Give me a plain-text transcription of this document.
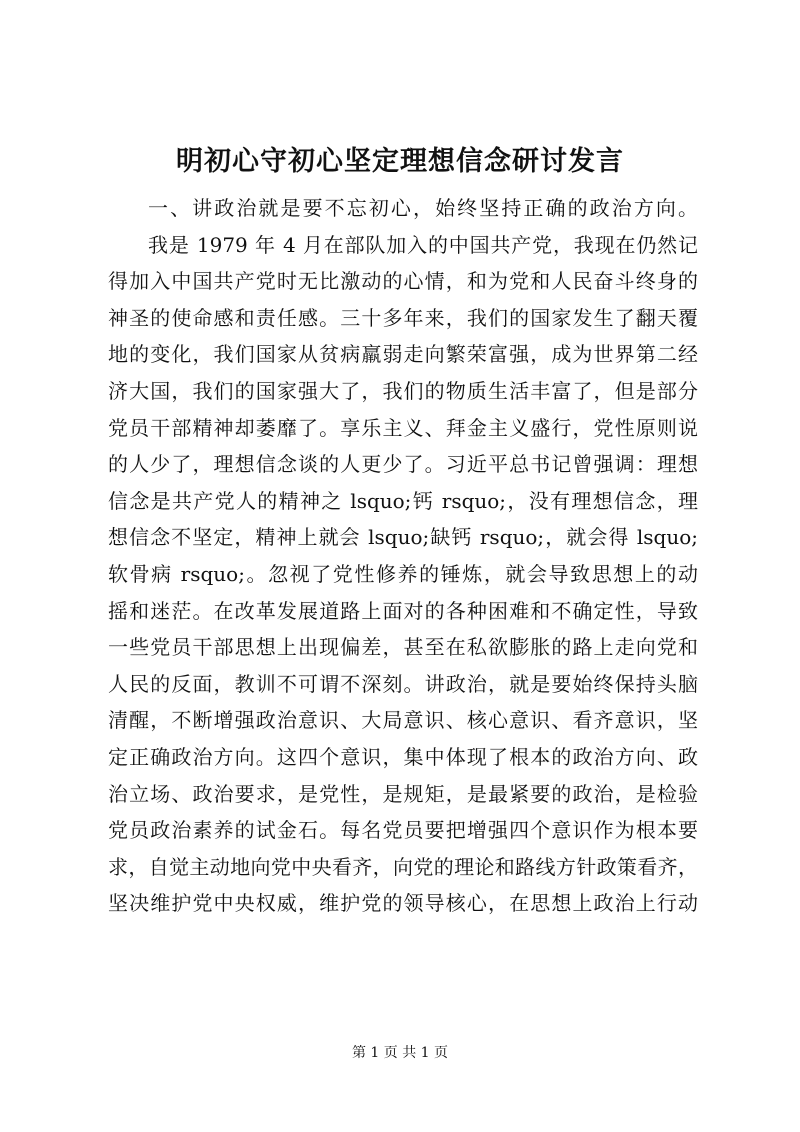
明初心守初心坚定理想信念研讨发言
一、讲政治就是要不忘初心，始终坚持正确的政治方向。
我是 1979 年 4 月在部队加入的中国共产党，我现在仍然记
得加入中国共产党时无比激动的心情，和为党和人民奋斗终身的
神圣的使命感和责任感。三十多年来，我们的国家发生了翻天覆
地的变化，我们国家从贫病羸弱走向繁荣富强，成为世界第二经
济大国，我们的国家强大了，我们的物质生活丰富了，但是部分
党员干部精神却萎靡了。享乐主义、拜金主义盛行，党性原则说
的人少了，理想信念谈的人更少了。习近平总书记曾强调：理想
信念是共产党人的精神之 lsquo;钙 rsquo;，没有理想信念，理
想信念不坚定，精神上就会 lsquo;缺钙 rsquo;，就会得 lsquo;
软骨病 rsquo;。忽视了党性修养的锤炼，就会导致思想上的动
摇和迷茫。在改革发展道路上面对的各种困难和不确定性，导致
一些党员干部思想上出现偏差，甚至在私欲膨胀的路上走向党和
人民的反面，教训不可谓不深刻。讲政治，就是要始终保持头脑
清醒，不断增强政治意识、大局意识、核心意识、看齐意识，坚
定正确政治方向。这四个意识，集中体现了根本的政治方向、政
治立场、政治要求，是党性，是规矩，是最紧要的政治，是检验
党员政治素养的试金石。每名党员要把增强四个意识作为根本要
求，自觉主动地向党中央看齐，向党的理论和路线方针政策看齐，
坚决维护党中央权威，维护党的领导核心，在思想上政治上行动
第 1 页 共 1 页
